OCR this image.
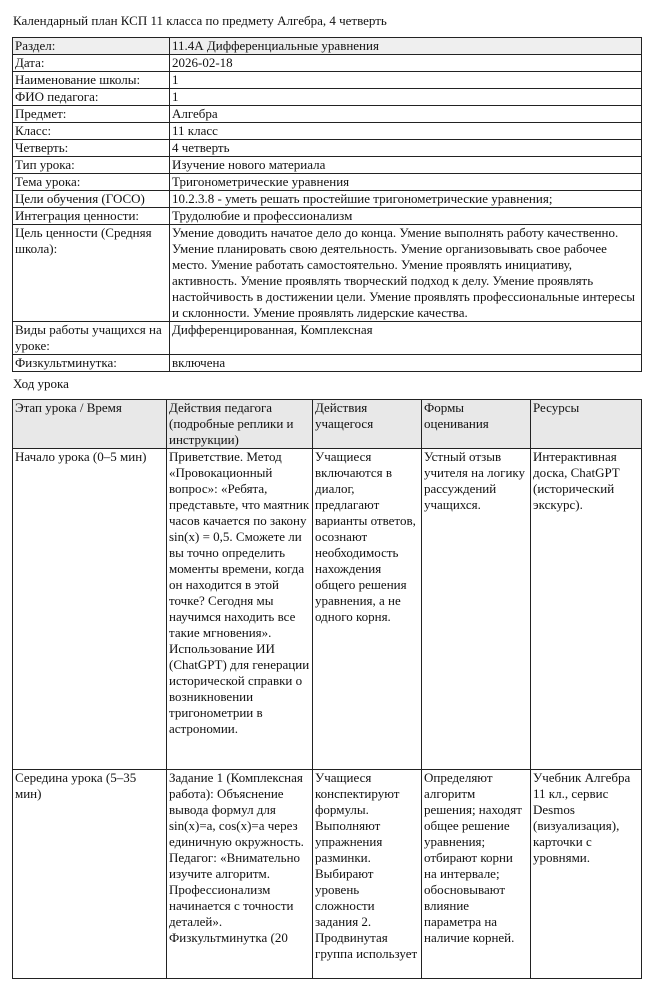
Календарный план КСП 11 класса по предмету Алгебра, 4 четверть
Раздел:	11.4А Дифференциальные уравнения
Дата:	2026-02-18
Наименование школы:	1
ФИО педагога:	1
Предмет:	Алгебра
Класс:	11 класс
Четверть:	4 четверть
Тип урока:	Изучение нового материала
Тема урока:	Тригонометрические уравнения
Цели обучения (ГОСО)	10.2.3.8 - уметь решать простейшие тригонометрические уравнения;
Интеграция ценности:	Трудолюбие и профессионализм
Цель ценности (Средняя школа):	Умение доводить начатое дело до конца. Умение выполнять работу качественно. Умение планировать свою деятельность. Умение организовывать свое рабочее место. Умение работать самостоятельно. Умение проявлять инициативу, активность. Умение проявлять творческий подход к делу. Умение проявлять настойчивость в достижении цели. Умение проявлять профессиональные интересы и склонности. Умение проявлять лидерские качества.
Виды работы учащихся на уроке:	Дифференцированная, Комплексная
Физкультминутка:	включена
Ход урока
Этап урока / Время	Действия педагога (подробные реплики и инструкции)	Действия учащегося	Формы оценивания	Ресурсы
Начало урока (0–5 мин)	Приветствие. Метод «Провокационный вопрос»: «Ребята, представьте, что маятник часов качается по закону sin(x) = 0,5. Сможете ли вы точно определить моменты времени, когда он находится в этой точке? Сегодня мы научимся находить все такие мгновения». Использование ИИ (ChatGPT) для генерации исторической справки о возникновении тригонометрии в астрономии.	Учащиеся включаются в диалог, предлагают варианты ответов, осознают необходимость нахождения общего решения уравнения, а не одного корня.	Устный отзыв учителя на логику рассуждений учащихся.	Интерактивная доска, ChatGPT (исторический экскурс).
Середина урока (5–35 мин)	Задание 1 (Комплексная работа): Объяснение вывода формул для sin(x)=a, cos(x)=a через единичную окружность. Педагог: «Внимательно изучите алгоритм. Профессионализм начинается с точности деталей». Физкультминутка (20	Учащиеся конспектируют формулы. Выполняют упражнения разминки. Выбирают уровень сложности задания 2. Продвинутая группа использует	Определяют алгоритм решения; находят общее решение уравнения; отбирают корни на интервале; обосновывают влияние параметра на наличие корней.	Учебник Алгебра 11 кл., сервис Desmos (визуализация), карточки с уровнями.
